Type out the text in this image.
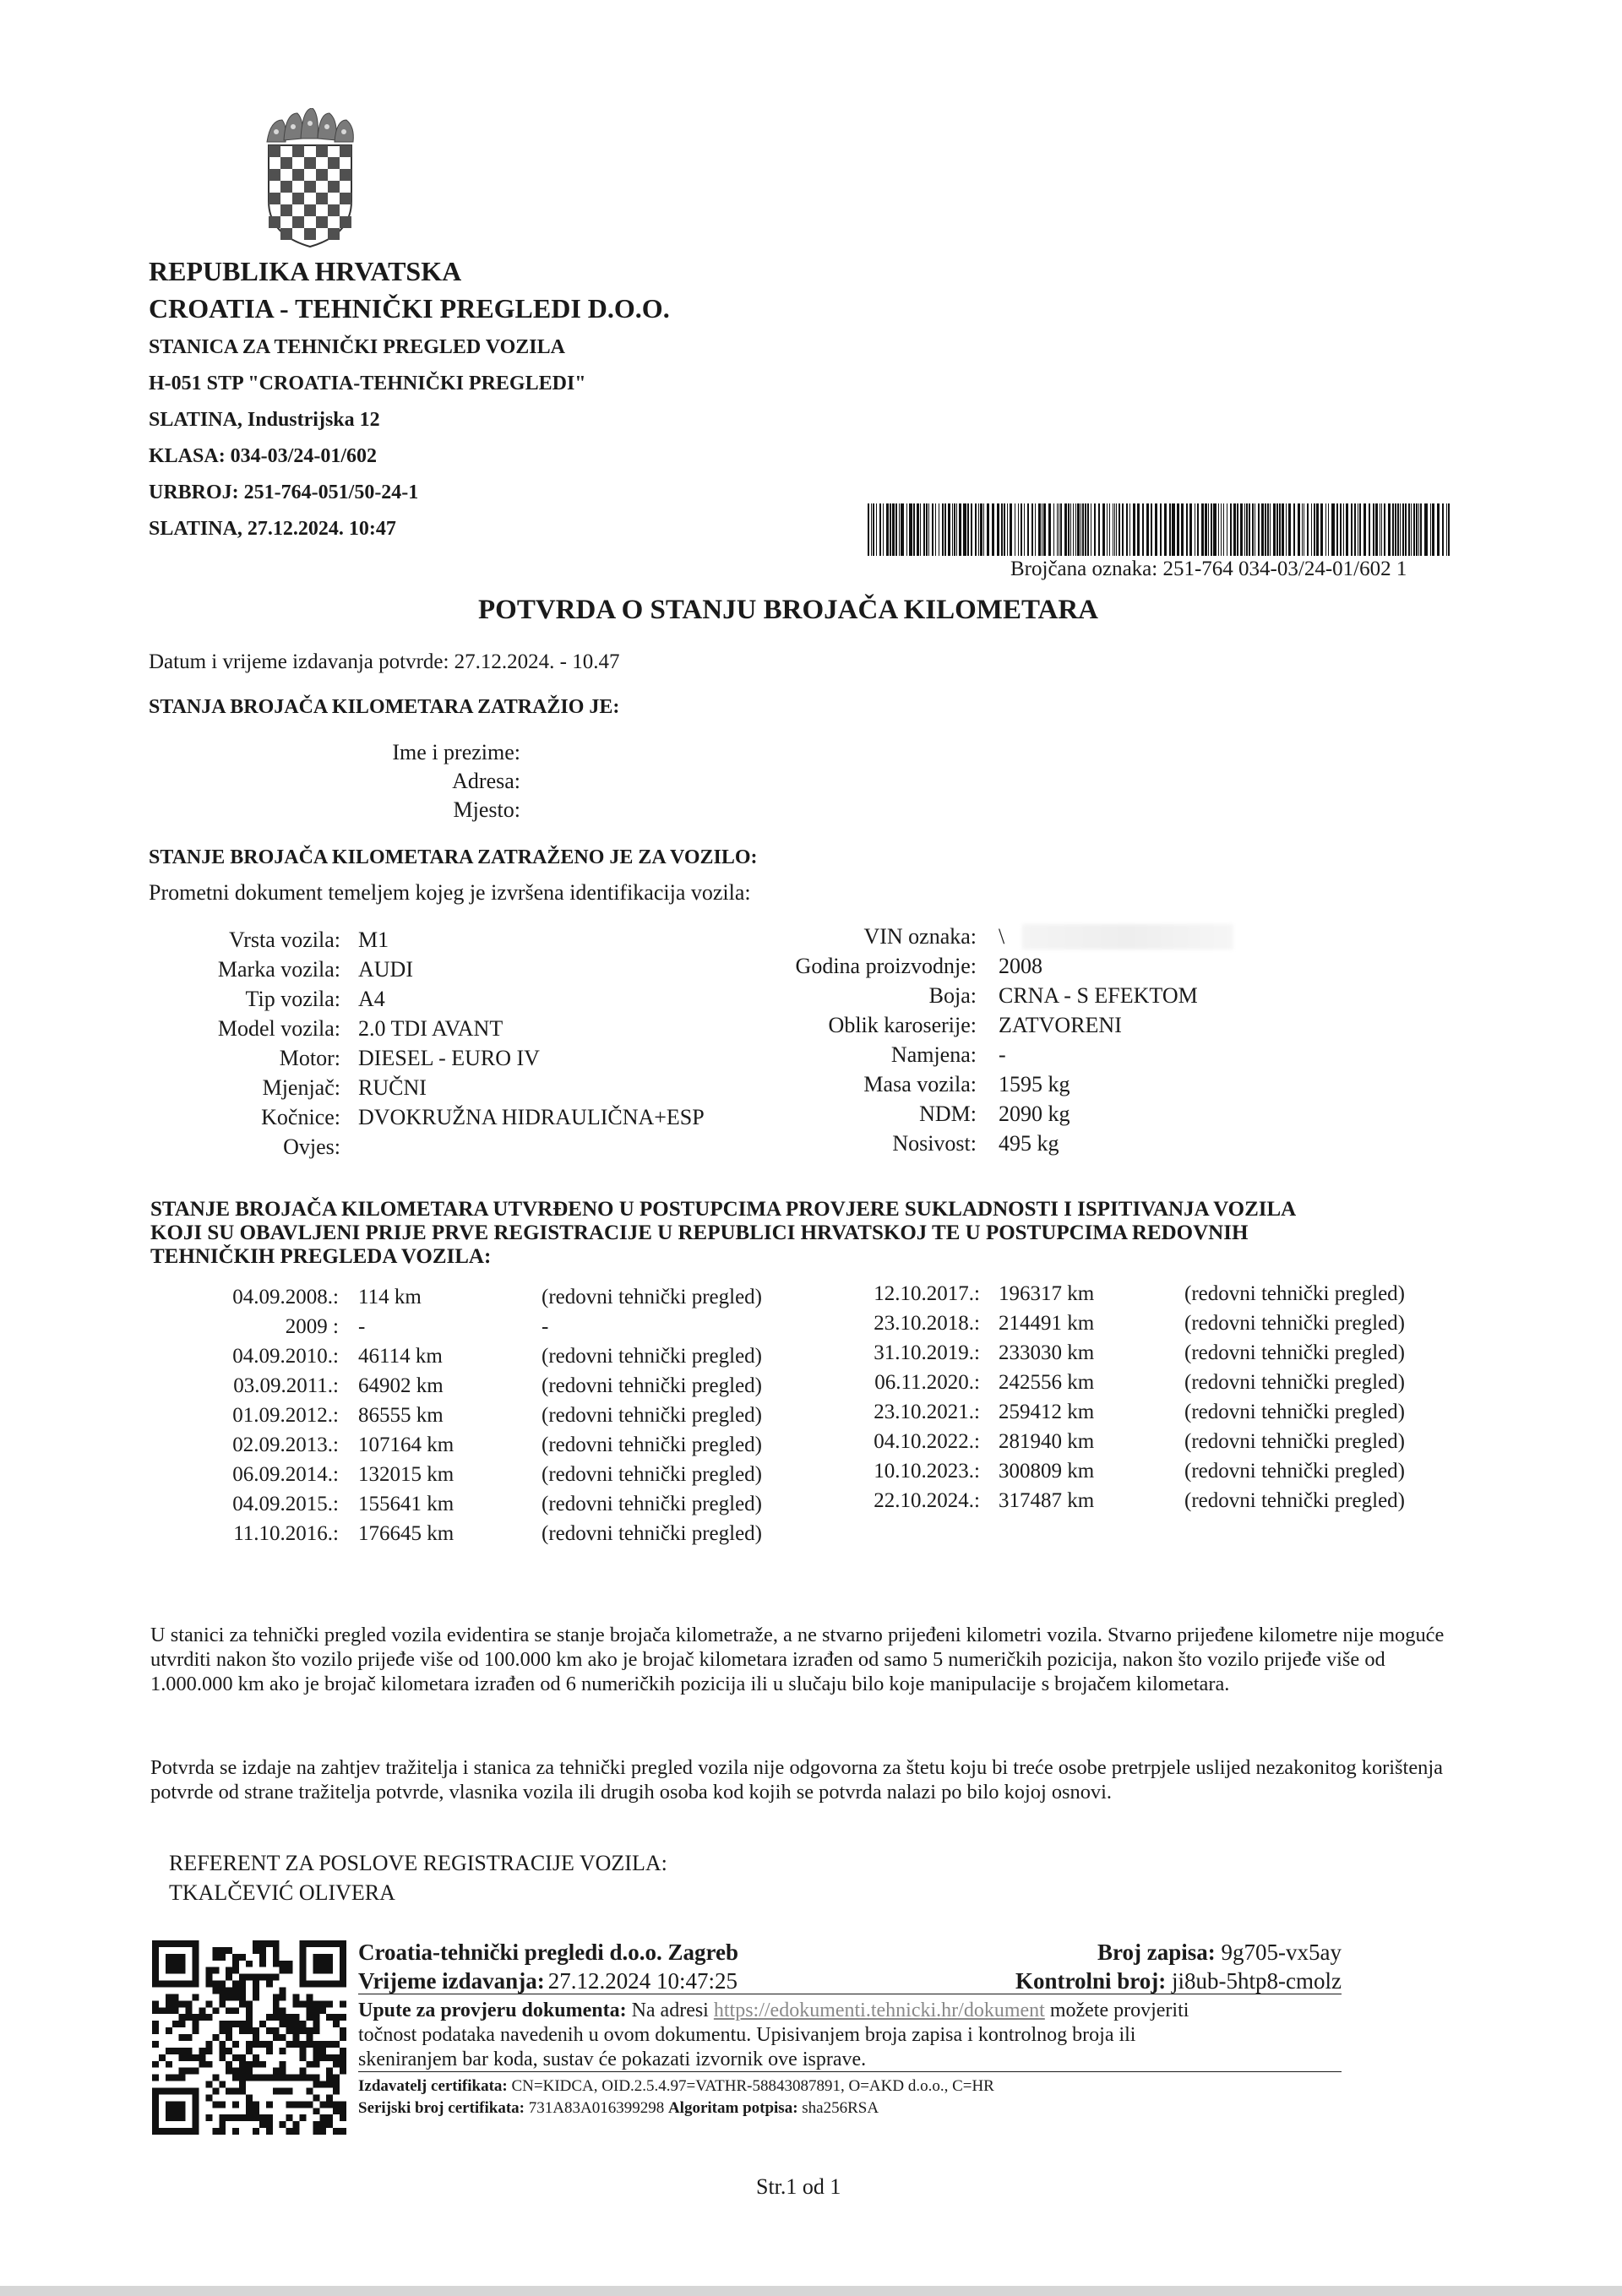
REPUBLIKA HRVATSKA
CROATIA - TEHNIČKI PREGLEDI D.O.O.
STANICA ZA TEHNIČKI PREGLED VOZILA
H-051 STP "CROATIA-TEHNIČKI PREGLEDI"
SLATINA, Industrijska 12
KLASA: 034-03/24-01/602
URBROJ: 251-764-051/50-24-1
SLATINA, 27.12.2024. 10:47
Brojčana oznaka: 251-764 034-03/24-01/602 1
POTVRDA O STANJU BROJAČA KILOMETARA
Datum i vrijeme izdavanja potvrde: 27.12.2024. - 10.47
STANJA BROJAČA KILOMETARA ZATRAŽIO JE:
Ime i prezime:
Adresa:
Mjesto:
STANJE BROJAČA KILOMETARA ZATRAŽENO JE ZA VOZILO:
Prometni dokument temeljem kojeg je izvršena identifikacija vozila:
Vrsta vozila: M1
Marka vozila: AUDI
Tip vozila: A4
Model vozila: 2.0 TDI AVANT
Motor: DIESEL - EURO IV
Mjenjač: RUČNI
Kočnice: DVOKRUŽNA HIDRAULIČNA+ESP
Ovjes:
VIN oznaka: \
Godina proizvodnje: 2008
Boja: CRNA - S EFEKTOM
Oblik karoserije: ZATVORENI
Namjena: -
Masa vozila: 1595 kg
NDM: 2090 kg
Nosivost: 495 kg
STANJE BROJAČA KILOMETARA UTVRĐENO U POSTUPCIMA PROVJERE SUKLADNOSTI I ISPITIVANJA VOZILA
KOJI SU OBAVLJENI PRIJE PRVE REGISTRACIJE U REPUBLICI HRVATSKOJ TE U POSTUPCIMA REDOVNIH
TEHNIČKIH PREGLEDA VOZILA:
04.09.2008.: 114 km	(redovni tehnički pregled)
2009 : -	-
04.09.2010.: 46114 km	(redovni tehnički pregled)
03.09.2011.: 64902 km	(redovni tehnički pregled)
01.09.2012.: 86555 km	(redovni tehnički pregled)
02.09.2013.: 107164 km	(redovni tehnički pregled)
06.09.2014.: 132015 km	(redovni tehnički pregled)
04.09.2015.: 155641 km	(redovni tehnički pregled)
11.10.2016.: 176645 km	(redovni tehnički pregled)
12.10.2017.: 196317 km	(redovni tehnički pregled)
23.10.2018.: 214491 km	(redovni tehnički pregled)
31.10.2019.: 233030 km	(redovni tehnički pregled)
06.11.2020.: 242556 km	(redovni tehnički pregled)
23.10.2021.: 259412 km	(redovni tehnički pregled)
04.10.2022.: 281940 km	(redovni tehnički pregled)
10.10.2023.: 300809 km	(redovni tehnički pregled)
22.10.2024.: 317487 km	(redovni tehnički pregled)
U stanici za tehnički pregled vozila evidentira se stanje brojača kilometraže, a ne stvarno prijeđeni kilometri vozila. Stvarno prijeđene kilometre nije moguće utvrditi nakon što vozilo prijeđe više od 100.000 km ako je brojač kilometara izrađen od samo 5 numeričkih pozicija, nakon što vozilo prijeđe više od 1.000.000 km ako je brojač kilometara izrađen od 6 numeričkih pozicija ili u slučaju bilo koje manipulacije s brojačem kilometara.
Potvrda se izdaje na zahtjev tražitelja i stanica za tehnički pregled vozila nije odgovorna za štetu koju bi treće osobe pretrpjele uslijed nezakonitog korištenja potvrde od strane tražitelja potvrde, vlasnika vozila ili drugih osoba kod kojih se potvrda nalazi po bilo kojoj osnovi.
REFERENT ZA POSLOVE REGISTRACIJE VOZILA:
TKALČEVIĆ OLIVERA
Croatia-tehnički pregledi d.o.o. Zagreb	Broj zapisa: 9g705-vx5ay
Vrijeme izdavanja: 27.12.2024 10:47:25	Kontrolni broj: ji8ub-5htp8-cmolz
Upute za provjeru dokumenta: Na adresi https://edokumenti.tehnicki.hr/dokument možete provjeriti
točnost podataka navedenih u ovom dokumentu. Upisivanjem broja zapisa i kontrolnog broja ili
skeniranjem bar koda, sustav će pokazati izvornik ove isprave.
Izdavatelj certifikata: CN=KIDCA, OID.2.5.4.97=VATHR-58843087891, O=AKD d.o.o., C=HR
Serijski broj certifikata: 731A83A016399298 Algoritam potpisa: sha256RSA
Str.1 od 1
